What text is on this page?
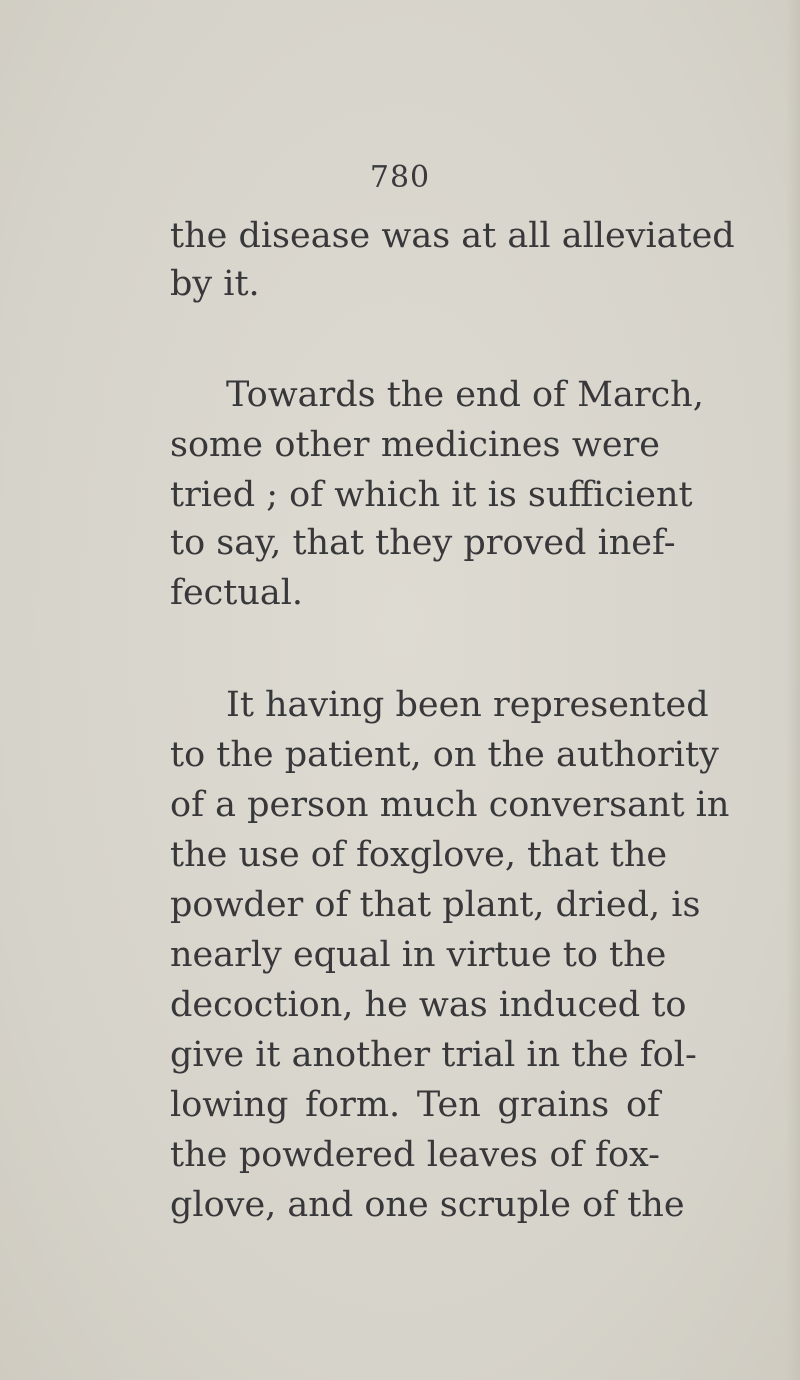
780
the disease was at all alleviated
by it.
Towards the end of March,
some other medicines were
tried ; of which it is sufficient
to say, that they proved inef-
fectual.
It having been represented
to the patient, on the authority
of a person much conversant in
the use of foxglove, that the
powder of that plant, dried, is
nearly equal in virtue to the
decoction, he was induced to
give it another trial in the fol-
lowing form. Ten grains of
the powdered leaves of fox-
glove, and one scruple of the
